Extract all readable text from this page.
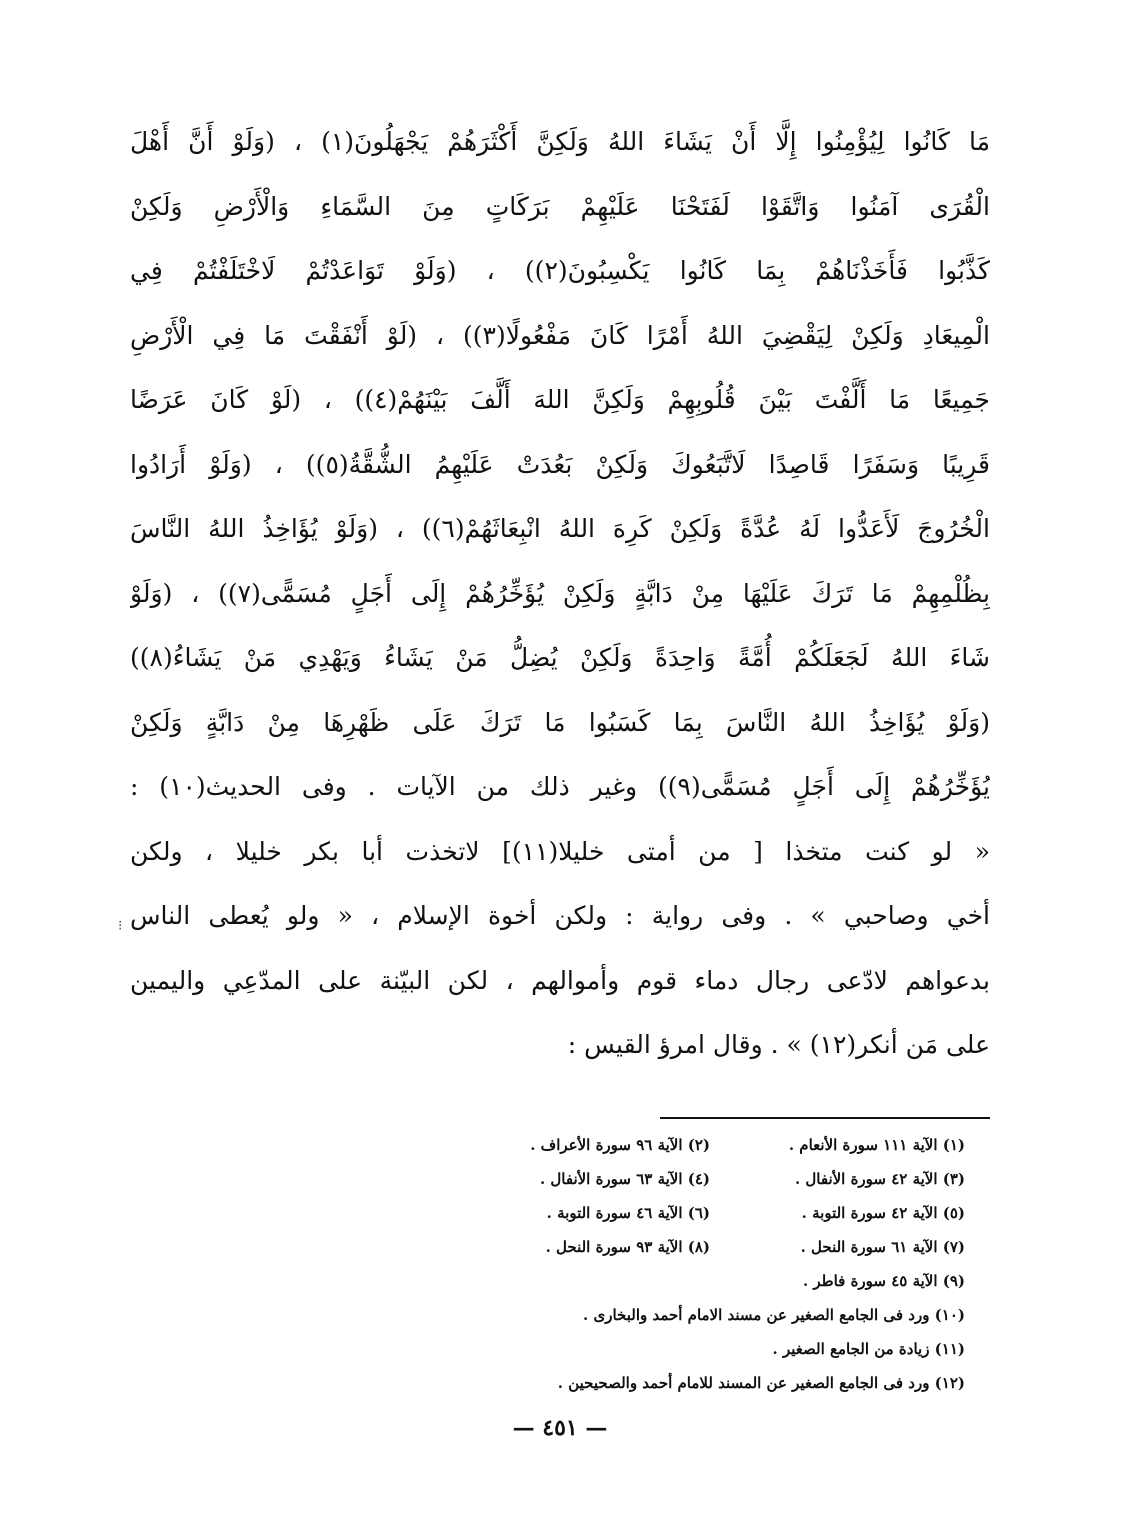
مَا كَانُوا لِيُؤْمِنُوا إِلَّا أَنْ يَشَاءَ اللهُ وَلَكِنَّ أَكْثَرَهُمْ يَجْهَلُونَ(١) ، (وَلَوْ أَنَّ أَهْلَ
الْقُرَى آمَنُوا وَاتَّقَوْا لَفَتَحْنَا عَلَيْهِمْ بَرَكَاتٍ مِنَ السَّمَاءِ وَالْأَرْضِ وَلَكِنْ
كَذَّبُوا فَأَخَذْنَاهُمْ بِمَا كَانُوا يَكْسِبُونَ(٢)) ، (وَلَوْ تَوَاعَدْتُمْ لَاخْتَلَفْتُمْ فِي
الْمِيعَادِ وَلَكِنْ لِيَقْضِيَ اللهُ أَمْرًا كَانَ مَفْعُولًا(٣)) ، (لَوْ أَنْفَقْتَ مَا فِي الْأَرْضِ
جَمِيعًا مَا أَلَّفْتَ بَيْنَ قُلُوبِهِمْ وَلَكِنَّ اللهَ أَلَّفَ بَيْنَهُمْ(٤)) ، (لَوْ كَانَ عَرَضًا
قَرِيبًا وَسَفَرًا قَاصِدًا لَاتَّبَعُوكَ وَلَكِنْ بَعُدَتْ عَلَيْهِمُ الشُّقَّةُ(٥)) ، (وَلَوْ أَرَادُوا
الْخُرُوجَ لَأَعَدُّوا لَهُ عُدَّةً وَلَكِنْ كَرِهَ اللهُ انْبِعَاثَهُمْ(٦)) ، (وَلَوْ يُؤَاخِذُ اللهُ النَّاسَ
بِظُلْمِهِمْ مَا تَرَكَ عَلَيْهَا مِنْ دَابَّةٍ وَلَكِنْ يُؤَخِّرُهُمْ إِلَى أَجَلٍ مُسَمًّى(٧)) ، (وَلَوْ
شَاءَ اللهُ لَجَعَلَكُمْ أُمَّةً وَاحِدَةً وَلَكِنْ يُضِلُّ مَنْ يَشَاءُ وَيَهْدِي مَنْ يَشَاءُ(٨))
(وَلَوْ يُؤَاخِذُ اللهُ النَّاسَ بِمَا كَسَبُوا مَا تَرَكَ عَلَى ظَهْرِهَا مِنْ دَابَّةٍ وَلَكِنْ
يُؤَخِّرُهُمْ إِلَى أَجَلٍ مُسَمًّى(٩)) وغير ذلك من الآيات . وفى الحديث(١٠) :
« لو كنت متخذا [ من أمتى خليلا(١١)] لاتخذت أبا بكر خليلا ، ولكن
أخي وصاحبي » . وفى رواية : ولكن أخوة الإسلام ، « ولو يُعطى الناس
بدعواهم لادّعى رجال دماء قوم وأموالهم ، لكن البيّنة على المدّعِي واليمين
على مَن أنكر(١٢) » . وقال امرؤ القيس :
⁝
(١) الآية ١١١ سورة الأنعام .
(٢) الآية ٩٦ سورة الأعراف .
(٣) الآية ٤٢ سورة الأنفال .
(٤) الآية ٦٣ سورة الأنفال .
(٥) الآية ٤٢ سورة التوبة .
(٦) الآية ٤٦ سورة التوبة .
(٧) الآية ٦١ سورة النحل .
(٨) الآية ٩٣ سورة النحل .
(٩) الآية ٤٥ سورة فاطر .
(١٠) ورد فى الجامع الصغير عن مسند الامام أحمد والبخارى .
(١١) زيادة من الجامع الصغير .
(١٢) ورد فى الجامع الصغير عن المسند للامام أحمد والصحيحين .
— ٤٥١ —
